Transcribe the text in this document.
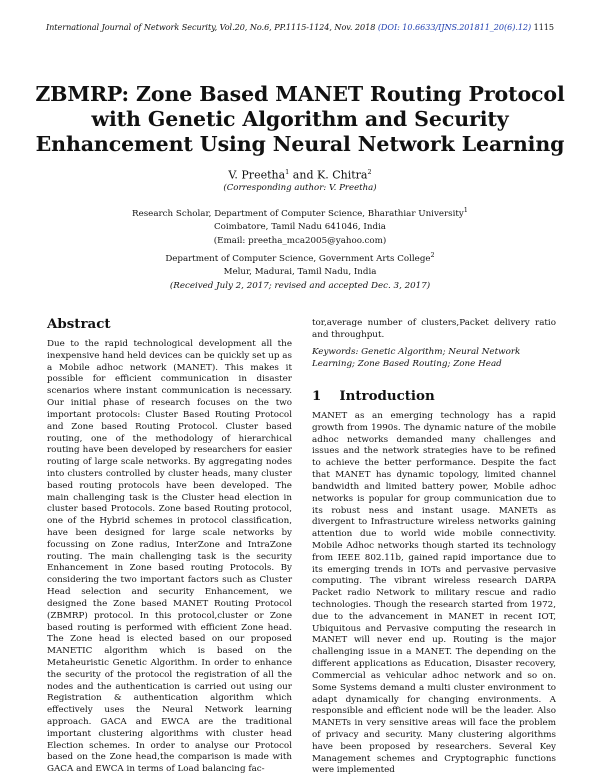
International Journal of Network Security, Vol.20, No.6, PP.1115-1124, Nov. 2018 (DOI: 10.6633/IJNS.201811_20(6).12) 1115
ZBMRP: Zone Based MANET Routing Protocol with Genetic Algorithm and Security Enhancement Using Neural Network Learning
V. Preetha$^1$ and K. Chitra$^2$
(Corresponding author: V. Preetha)
Research Scholar, Department of Computer Science, Bharathiar University$^1$
Coimbatore, Tamil Nadu 641046, India
(Email: preetha_mca2005@yahoo.com)
Department of Computer Science, Government Arts College$^2$
Melur, Madurai, Tamil Nadu, India
(Received July 2, 2017; revised and accepted Dec. 3, 2017)
Abstract

Due to the rapid technological development all the inexpensive hand held devices can be quickly set up as a Mobile adhoc network (MANET). This makes it possible for efficient communication in disaster scenarios where instant communication is necessary. Our initial phase of research focuses on the two important protocols: Cluster Based Routing Protocol and Zone based Routing Protocol. Cluster based routing, one of the methodology of hierarchical routing have been developed by researchers for easier routing of large scale networks. By aggregating nodes into clusters controlled by cluster heads, many cluster based routing protocols have been developed. The main challenging task is the Cluster head election in cluster based Protocols. Zone based Routing protocol, one of the Hybrid schemes in protocol classification, have been designed for large scale networks by focussing on Zone radius, InterZone and IntraZone routing. The main challenging task is the security Enhancement in Zone based routing Protocols. By considering the two important factors such as Cluster Head selection and security Enhancement, we designed the Zone based MANET Routing Protocol (ZBMRP) protocol. In this protocol,cluster or Zone based routing is performed with efficient Zone head. The Zone head is elected based on our proposed MANETIC algorithm which is based on the Metaheuristic Genetic Algorithm. In order to enhance the security of the protocol the registration of all the nodes and the authentication is carried out using our Registration & authentication algorithm which effectively uses the Neural Network learning approach. GACA and EWCA are the traditional important clustering algorithms with cluster head Election schemes. In order to analyse our Protocol based on the Zone head,the comparison is made with GACA and EWCA in terms of Load balancing fac-

tor,average number of clusters,Packet delivery ratio and throughput.

Keywords: Genetic Algorithm; Neural Network Learning; Zone Based Routing; Zone Head
1 Introduction
MANET as an emerging technology has a rapid growth from 1990s. The dynamic nature of the mobile adhoc networks demanded many challenges and issues and the network strategies have to be refined to achieve the better performance. Despite the fact that MANET has dynamic topology, limited channel bandwidth and limited battery power, Mobile adhoc networks is popular for group communication due to its robust ness and instant usage. MANETs as divergent to Infrastructure wireless networks gaining attention due to world wide mobile connectivity. Mobile Adhoc networks though started its technology from IEEE 802.11b, gained rapid importance due to its emerging trends in IOTs and pervasive pervasive computing. The vibrant wireless research DARPA Packet radio Network to military rescue and radio technologies. Though the research started from 1972, due to the advancement in MANET in recent IOT, Ubiquitous and Pervasive computing the research in MANET will never end up. Routing is the major challenging issue in a MANET. The depending on the different applications as Education, Disaster recovery, Commercial as vehicular adhoc network and so on. Some Systems demand a multi cluster environment to adapt dynamically for changing environments. A responsible and efficient node will be the leader. Also MANETs in very sensitive areas will face the problem of privacy and security. Many clustering algorithms have been proposed by researchers. Several Key Management schemes and Cryptographic functions were implemented
